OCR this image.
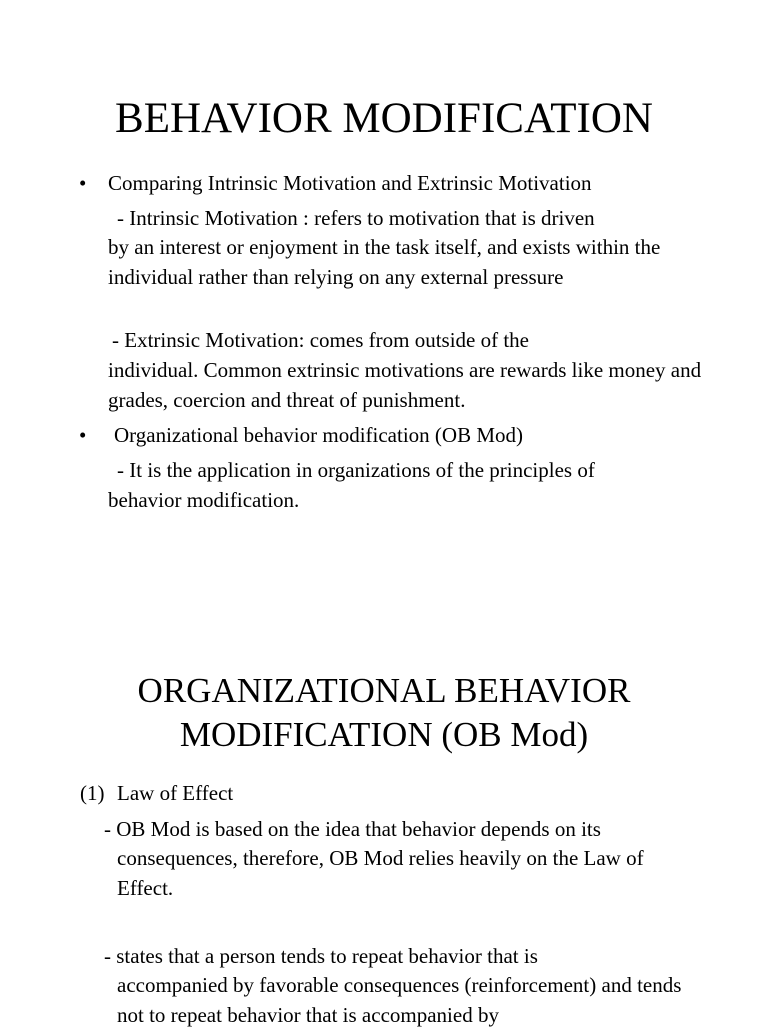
BEHAVIOR MODIFICATION
• Comparing Intrinsic Motivation and Extrinsic Motivation

- Intrinsic Motivation : refers to motivation that is driven

by an interest or enjoyment in the task itself, and exists within the individual rather than relying on any external pressure

- Extrinsic Motivation: comes from outside of the

individual. Common extrinsic motivations are rewards like money and grades, coercion and threat of punishment.

• Organizational behavior modification (OB Mod)

- It is the application in organizations of the principles of

behavior modification.

ORGANIZATIONAL BEHAVIOR
MODIFICATION (OB Mod)
(1) Law of Effect

- OB Mod is based on the idea that behavior depends on its

consequences, therefore, OB Mod relies heavily on the Law of Effect.

- states that a person tends to repeat behavior that is

accompanied by favorable consequences (reinforcement) and tends not to repeat behavior that is accompanied by
